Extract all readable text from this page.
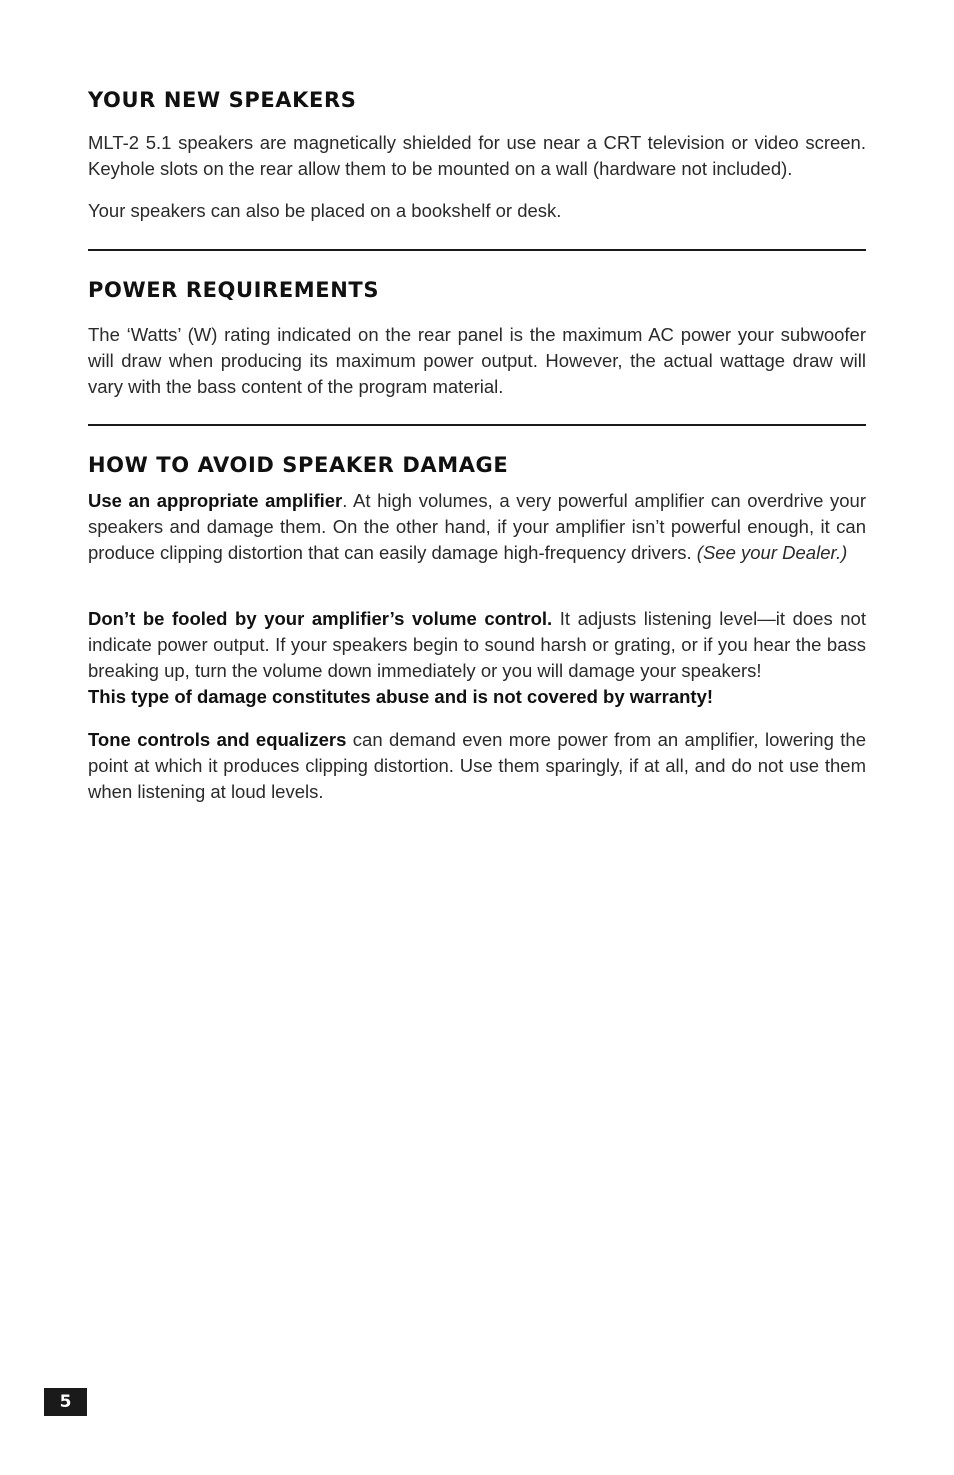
YOUR NEW SPEAKERS

MLT-2 5.1 speakers are magnetically shielded for use near a CRT television or video screen. Keyhole slots on the rear allow them to be mounted on a wall (hardware not included).

Your speakers can also be placed on a bookshelf or desk.

POWER REQUIREMENTS

The ‘Watts’ (W) rating indicated on the rear panel is the maximum AC power your subwoofer will draw when producing its maximum power output. However, the actual wattage draw will vary with the bass content of the program material.

HOW TO AVOID SPEAKER DAMAGE

Use an appropriate amplifier. At high volumes, a very powerful amplifier can overdrive your speakers and damage them. On the other hand, if your amplifier isn’t powerful enough, it can produce clipping distortion that can easily damage high-frequency drivers. (See your Dealer.)

Don’t be fooled by your amplifier’s volume control. It adjusts listening level—it does not indicate power output. If your speakers begin to sound harsh or grating, or if you hear the bass breaking up, turn the volume down immediately or you will damage your speakers!
This type of damage constitutes abuse and is not covered by warranty!

Tone controls and equalizers can demand even more power from an amplifier, lowering the point at which it produces clipping distortion. Use them sparingly, if at all, and do not use them when listening at loud levels.

5
